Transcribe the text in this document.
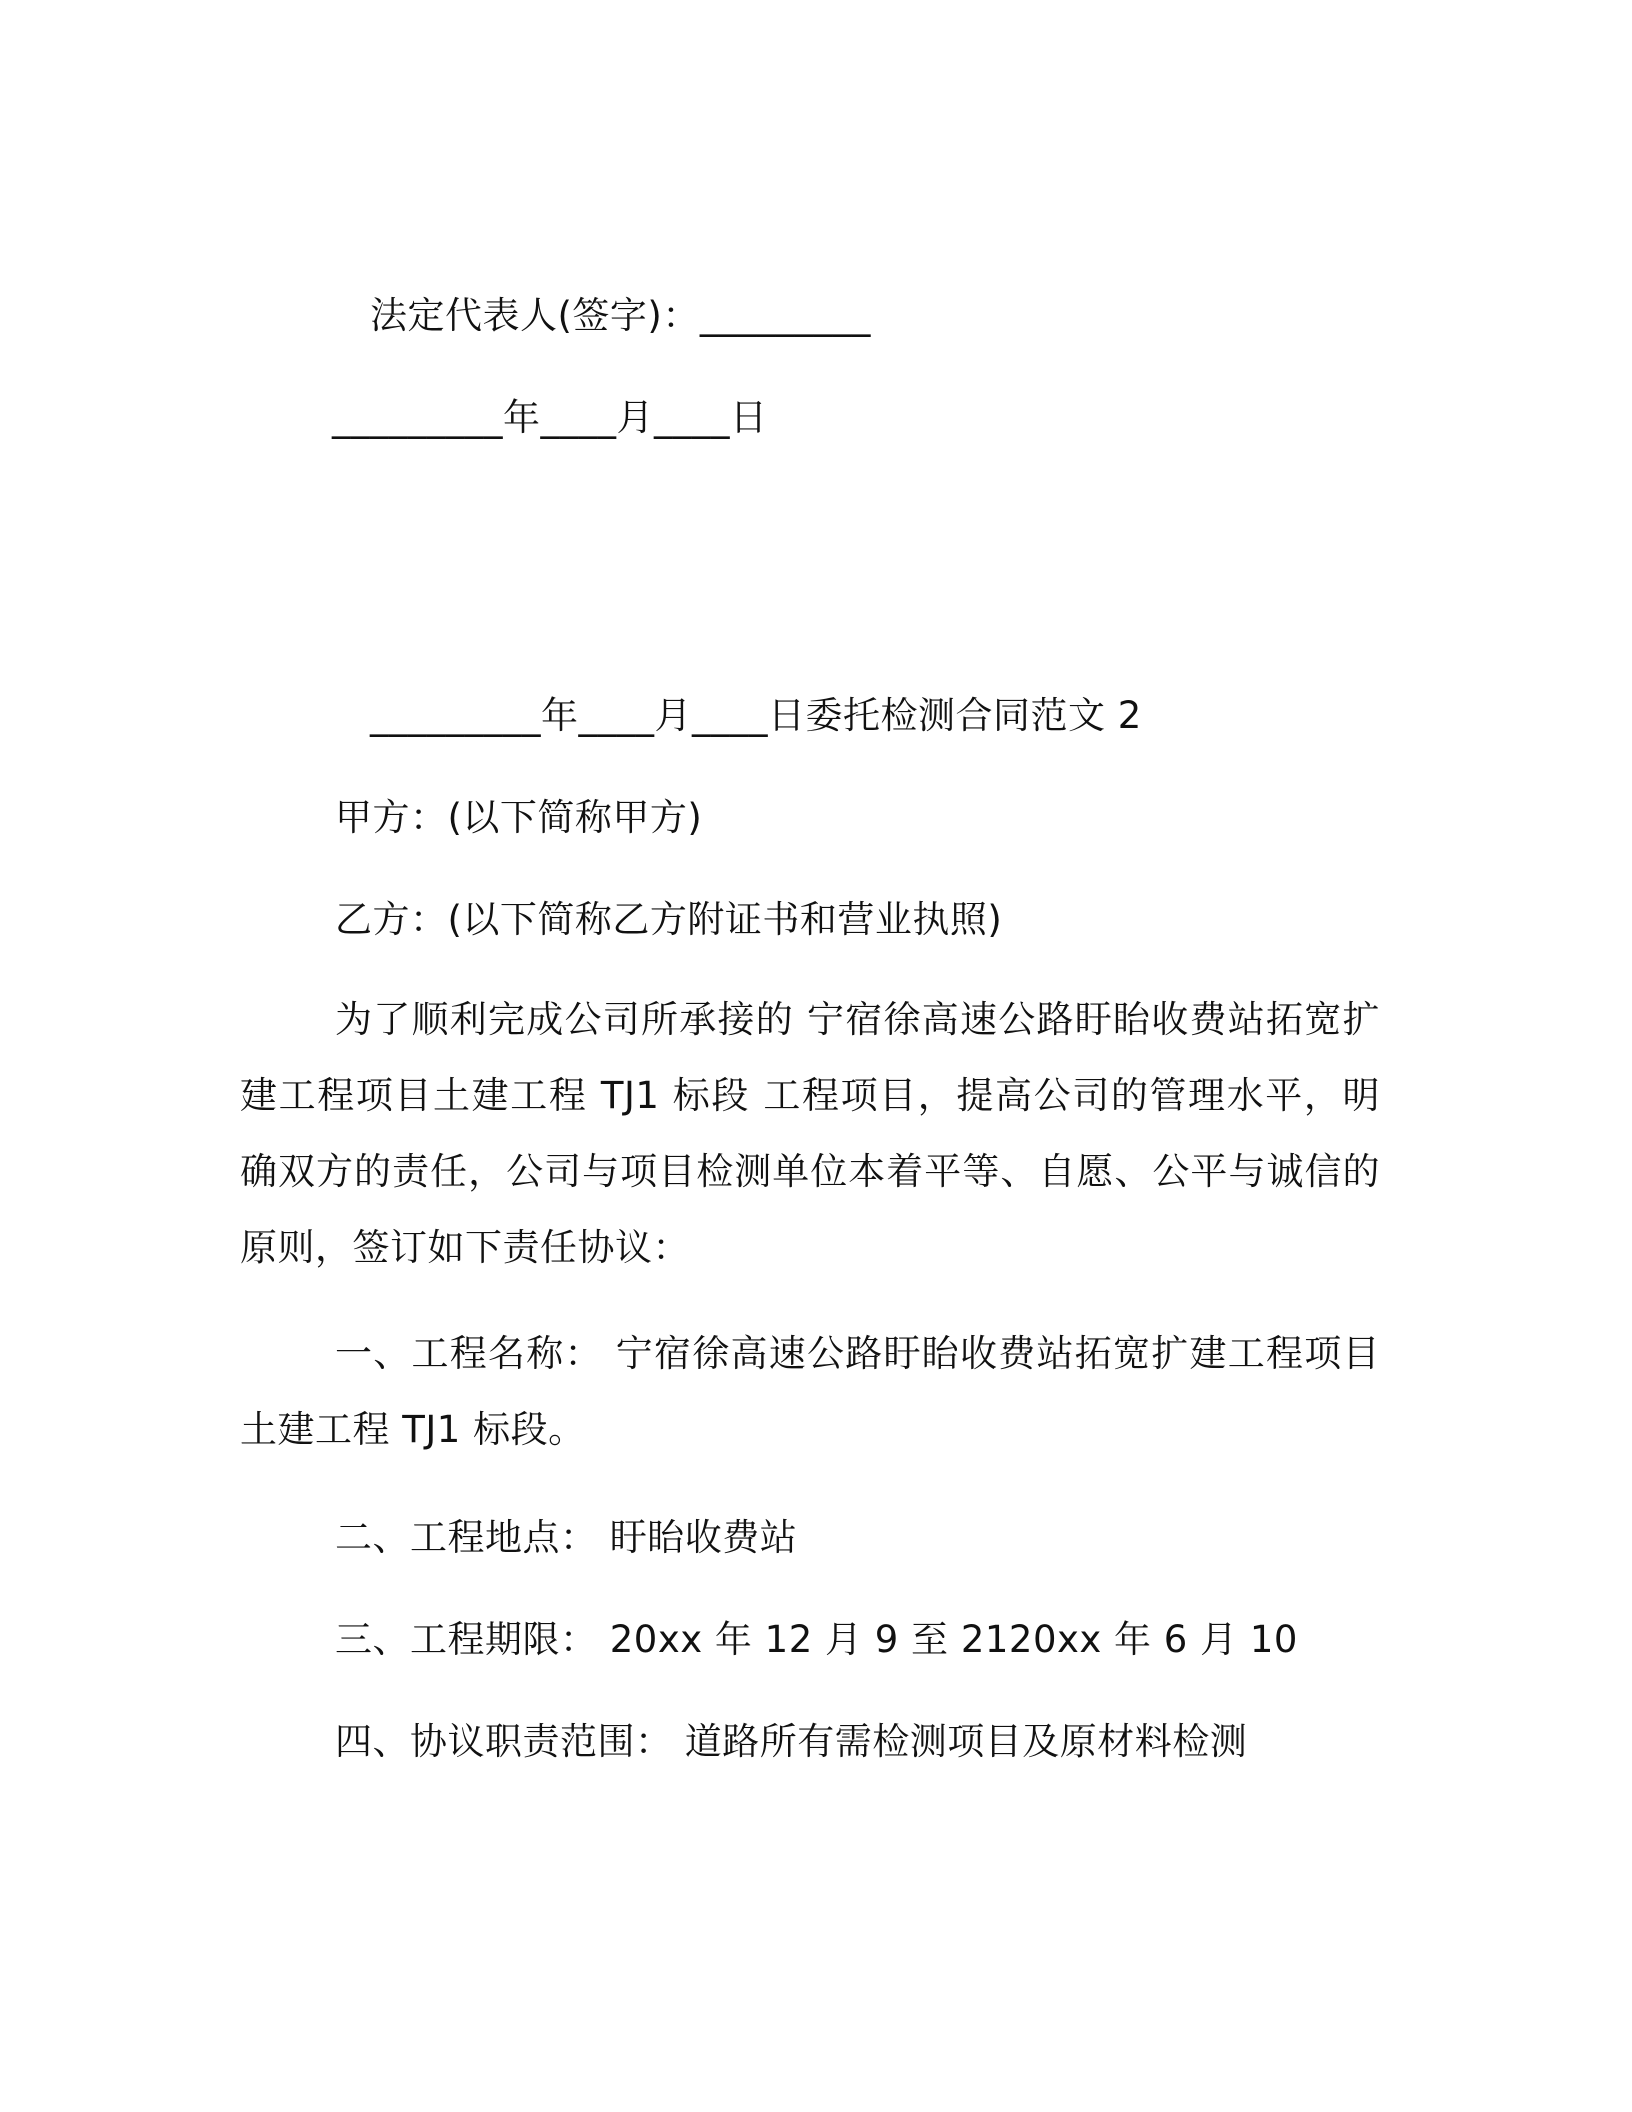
法定代表人(签字)：_________
_________年____月____日
_________年____月____日委托检测合同范文 2
甲方：(以下简称甲方)
乙方：(以下简称乙方附证书和营业执照)
为了顺利完成公司所承接的 宁宿徐高速公路盱眙收费站拓宽扩建工程项目土建工程 TJ1 标段 工程项目，提高公司的管理水平，明确双方的责任，公司与项目检测单位本着平等、自愿、公平与诚信的原则，签订如下责任协议：
一、工程名称： 宁宿徐高速公路盱眙收费站拓宽扩建工程项目土建工程 TJ1 标段。
二、工程地点： 盱眙收费站
三、工程期限： 20xx 年 12 月 9 至 2120xx 年 6 月 10
四、协议职责范围： 道路所有需检测项目及原材料检测
